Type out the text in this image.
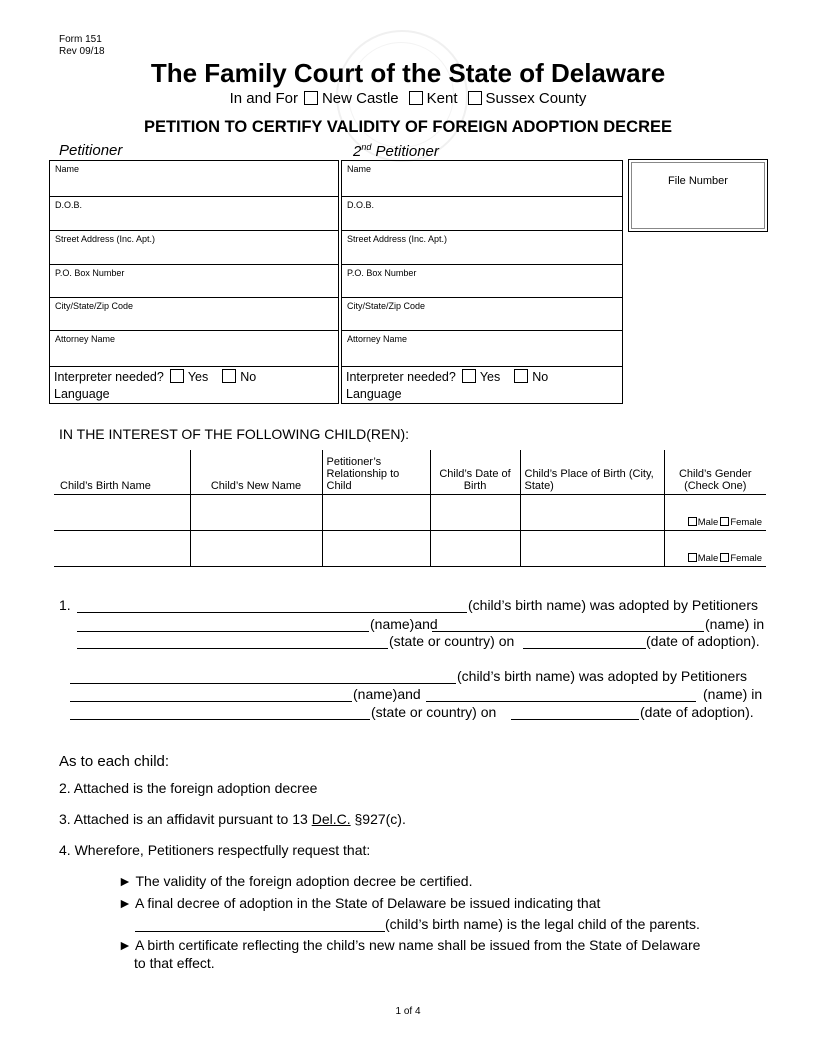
Form 151
Rev 09/18
The Family Court of the State of Delaware
In and For New Castle Kent Sussex County
PETITION TO CERTIFY VALIDITY OF FOREIGN ADOPTION DECREE
Petitioner	2nd Petitioner
Name
D.O.B.
Street Address (Inc. Apt.)
P.O. Box Number
City/State/Zip Code
Attorney Name
Interpreter needed? Yes	No
Language
Name
D.O.B.
Street Address (Inc. Apt.)
P.O. Box Number
City/State/Zip Code
Attorney Name
Interpreter needed? Yes	No
Language
File Number
IN THE INTEREST OF THE FOLLOWING CHILD(REN):
Child’s Birth Name	Child’s New Name	Petitioner’s Relationship to Child	Child’s Date of Birth	Child’s Place of Birth (City, State)	Child’s Gender (Check One)
					Male Female
					Male Female
1.	(child’s birth name) was adopted by Petitioners
(name)and	(name) in
(state or country) on	(date of adoption).
(child’s birth name) was adopted by Petitioners
(name)and	(name) in
(state or country) on	(date of adoption).
As to each child:
2. Attached is the foreign adoption decree
3. Attached is an affidavit pursuant to 13 Del.C. §927(c).
4. Wherefore, Petitioners respectfully request that:
► The validity of the foreign adoption decree be certified.
► A final decree of adoption in the State of Delaware be issued indicating that
(child’s birth name) is the legal child of the parents.
► A birth certificate reflecting the child’s new name shall be issued from the State of Delaware
to that effect.
1 of 4
